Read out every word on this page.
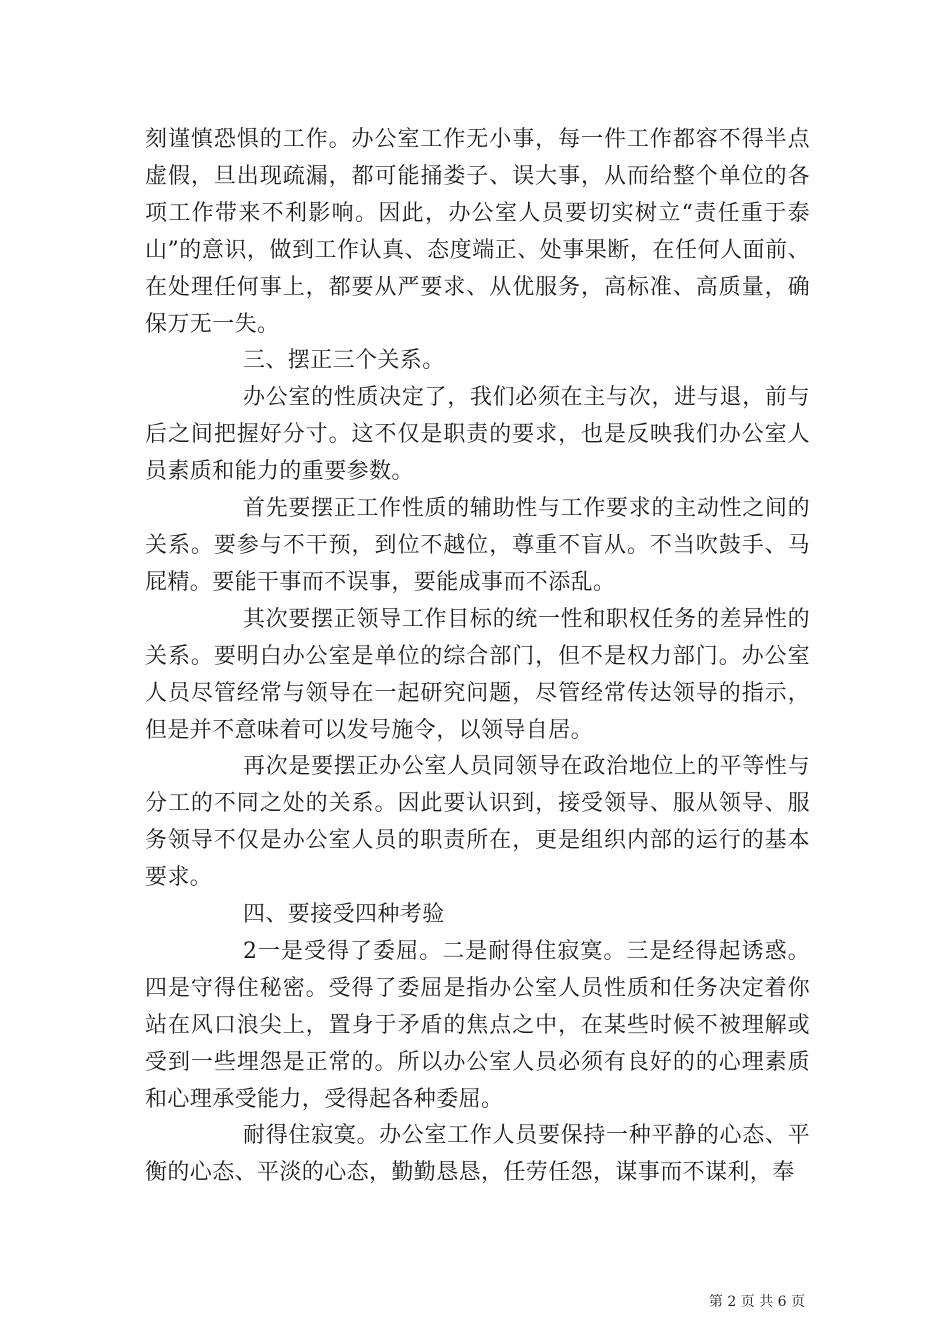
刻谨慎恐惧的工作。办公室工作无小事，每一件工作都容不得半点虚假，旦出现疏漏，都可能捅娄子、误大事，从而给整个单位的各项工作带来不利影响。因此，办公室人员要切实树立“责任重于泰山”的意识，做到工作认真、态度端正、处事果断，在任何人面前、在处理任何事上，都要从严要求、从优服务，高标准、高质量，确保万无一失。

三、摆正三个关系。

办公室的性质决定了，我们必须在主与次，进与退，前与后之间把握好分寸。这不仅是职责的要求，也是反映我们办公室人员素质和能力的重要参数。

首先要摆正工作性质的辅助性与工作要求的主动性之间的关系。要参与不干预，到位不越位，尊重不盲从。不当吹鼓手、马屁精。要能干事而不误事，要能成事而不添乱。

其次要摆正领导工作目标的统一性和职权任务的差异性的关系。要明白办公室是单位的综合部门，但不是权力部门。办公室人员尽管经常与领导在一起研究问题，尽管经常传达领导的指示，但是并不意味着可以发号施令，以领导自居。

再次是要摆正办公室人员同领导在政治地位上的平等性与分工的不同之处的关系。因此要认识到，接受领导、服从领导、服务领导不仅是办公室人员的职责所在，更是组织内部的运行的基本要求。

四、要接受四种考验

2一是受得了委屈。二是耐得住寂寞。三是经得起诱惑。四是守得住秘密。受得了委屈是指办公室人员性质和任务决定着你站在风口浪尖上，置身于矛盾的焦点之中，在某些时候不被理解或受到一些埋怨是正常的。所以办公室人员必须有良好的的心理素质和心理承受能力，受得起各种委屈。

耐得住寂寞。办公室工作人员要保持一种平静的心态、平衡的心态、平淡的心态，勤勤恳恳，任劳任怨，谋事而不谋利，奉

第 2 页 共 6 页
